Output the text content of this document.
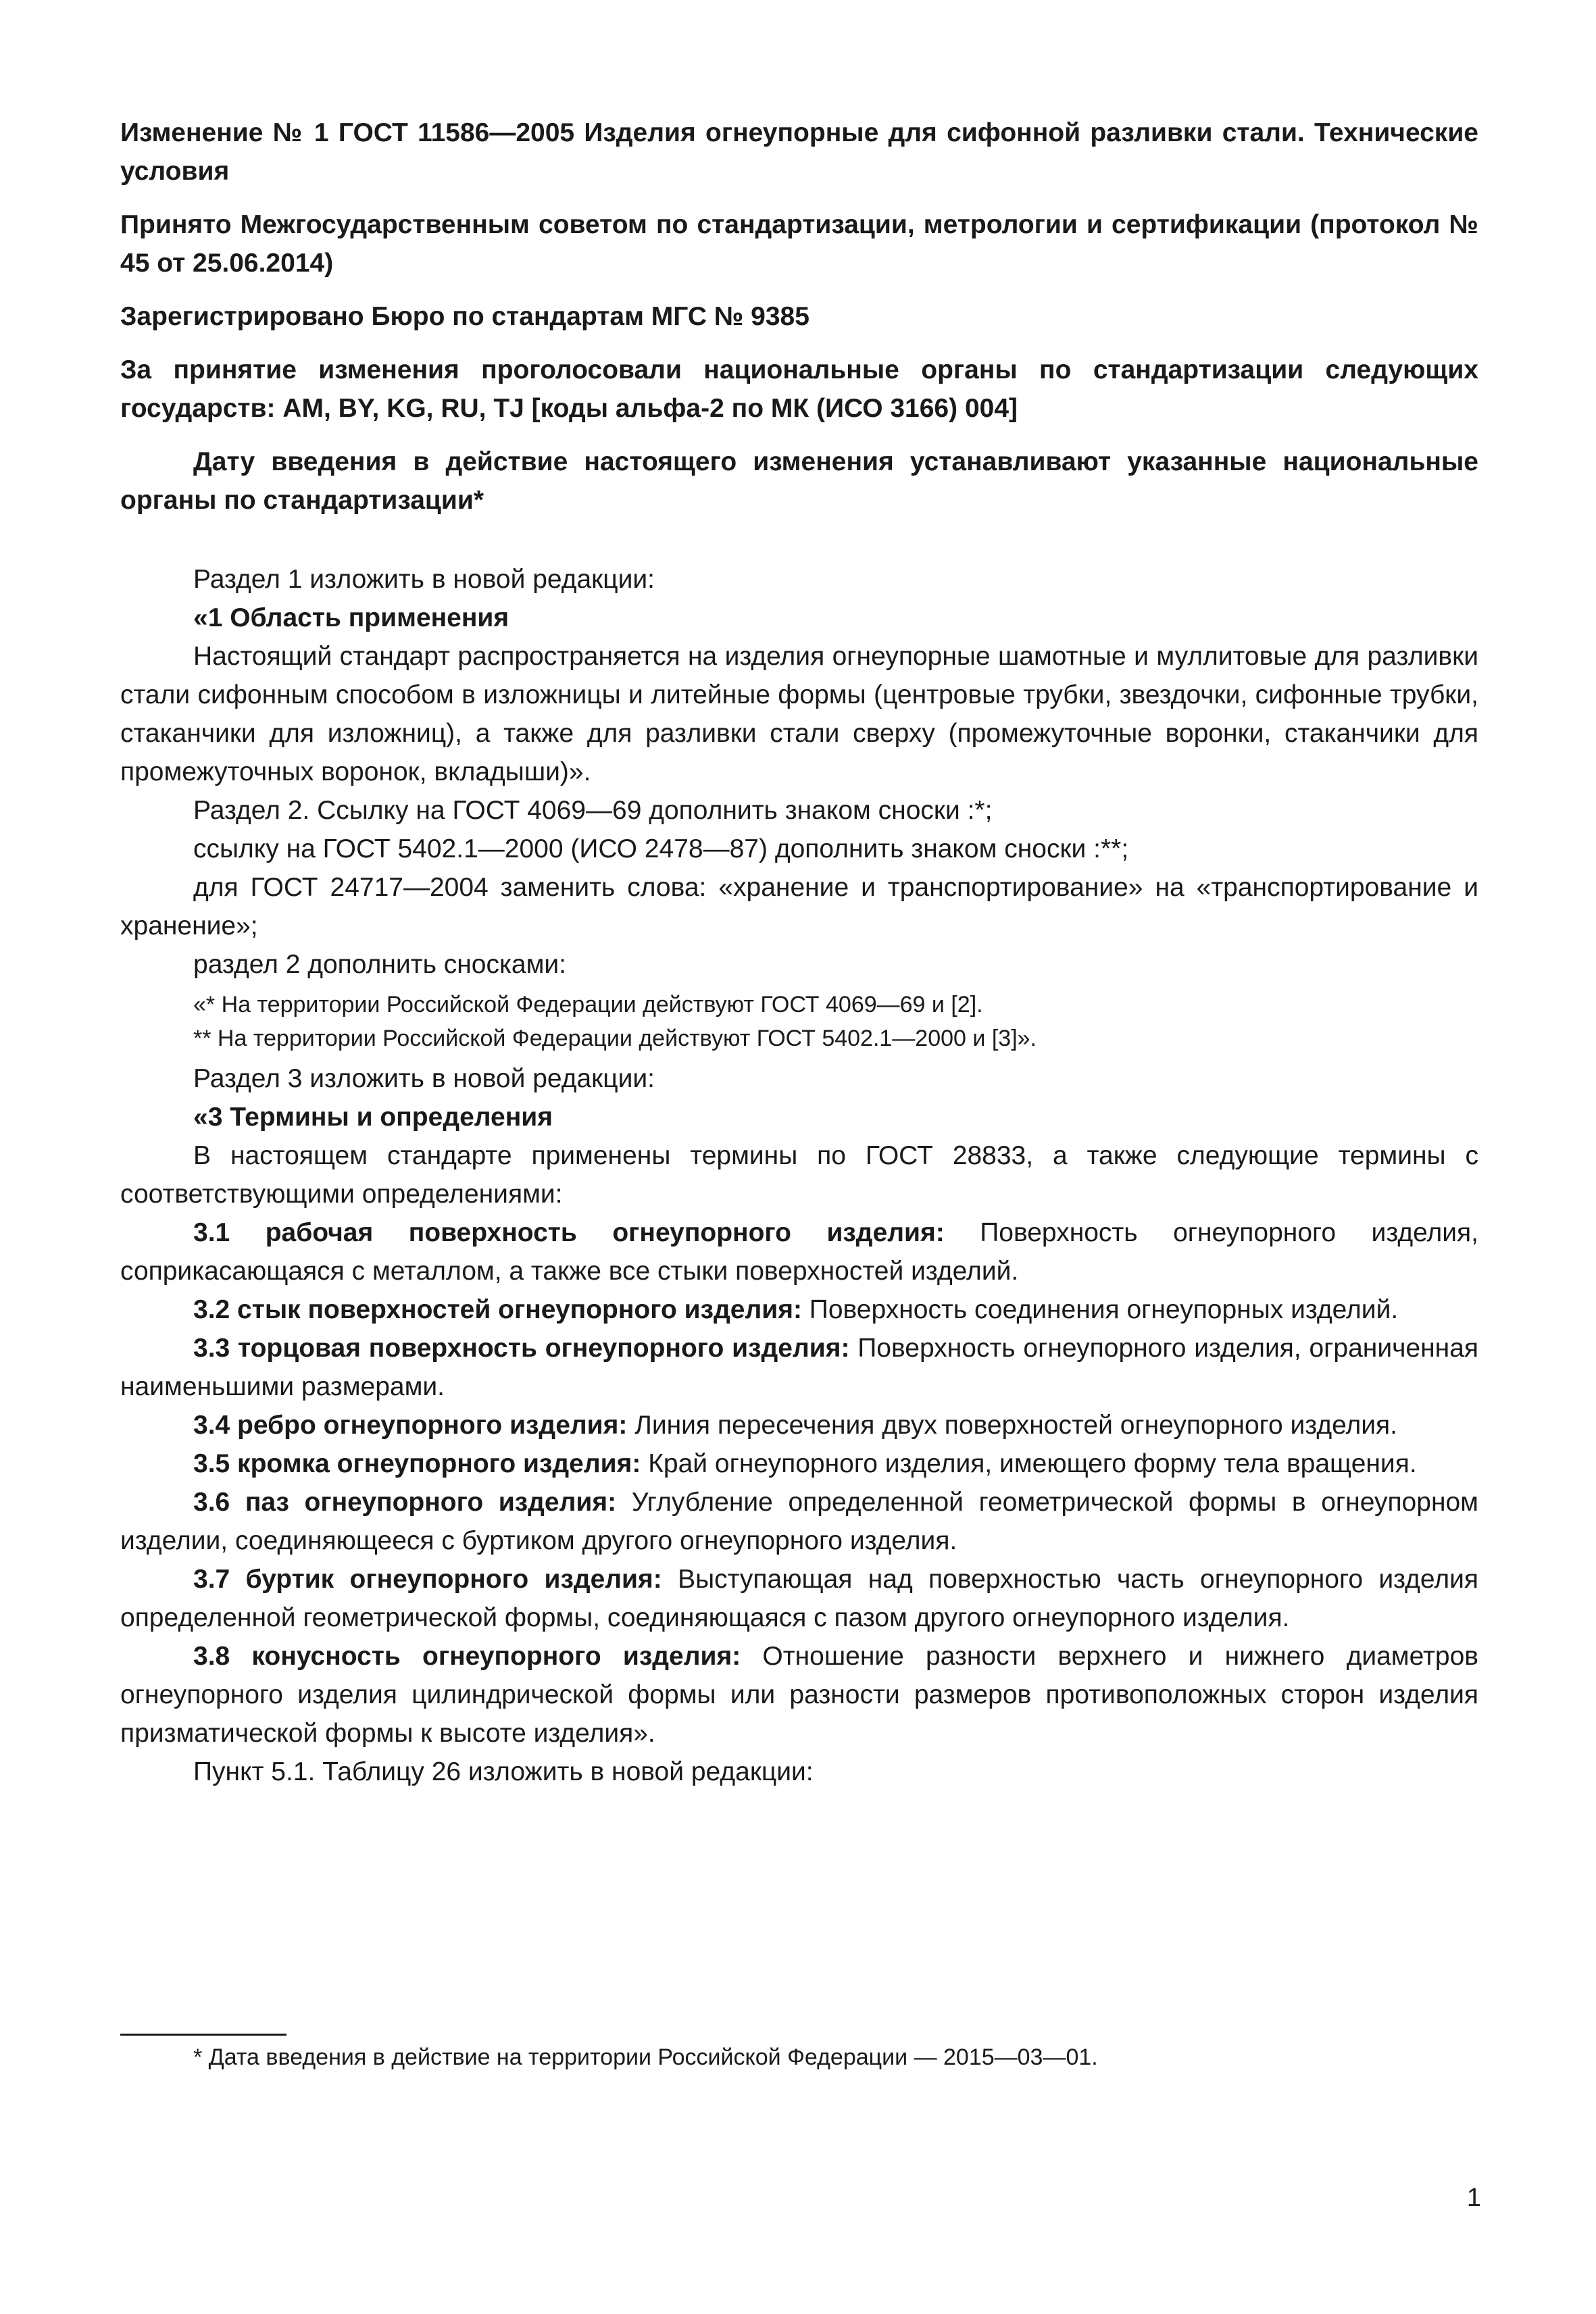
Изменение № 1 ГОСТ 11586—2005 Изделия огнеупорные для сифонной разливки стали. Технические условия

Принято Межгосударственным советом по стандартизации, метрологии и сертификации (протокол № 45 от 25.06.2014)

Зарегистрировано Бюро по стандартам МГС № 9385

За принятие изменения проголосовали национальные органы по стандартизации следующих государств: AM, BY, KG, RU, TJ [коды альфа-2 по МК (ИСО 3166) 004]

Дату введения в действие настоящего изменения устанавливают указанные национальные органы по стандартизации*

Раздел 1 изложить в новой редакции:

«1 Область применения

Настоящий стандарт распространяется на изделия огнеупорные шамотные и муллитовые для разливки стали сифонным способом в изложницы и литейные формы (центровые трубки, звездочки, сифонные трубки, стаканчики для изложниц), а также для разливки стали сверху (промежуточные воронки, стаканчики для промежуточных воронок, вкладыши)».

Раздел 2. Ссылку на ГОСТ 4069—69 дополнить знаком сноски :*;

ссылку на ГОСТ 5402.1—2000 (ИСО 2478—87) дополнить знаком сноски :**;

для ГОСТ 24717—2004 заменить слова: «хранение и транспортирование» на «транспортирование и хранение»;

раздел 2 дополнить сносками:

«* На территории Российской Федерации действуют ГОСТ 4069—69 и [2].

** На территории Российской Федерации действуют ГОСТ 5402.1—2000 и [3]».

Раздел 3 изложить в новой редакции:

«3 Термины и определения

В настоящем стандарте применены термины по ГОСТ 28833, а также следующие термины с соответствующими определениями:

3.1 рабочая поверхность огнеупорного изделия: Поверхность огнеупорного изделия, соприкасающаяся с металлом, а также все стыки поверхностей изделий.

3.2 стык поверхностей огнеупорного изделия: Поверхность соединения огнеупорных изделий.

3.3 торцовая поверхность огнеупорного изделия: Поверхность огнеупорного изделия, ограниченная наименьшими размерами.

3.4 ребро огнеупорного изделия: Линия пересечения двух поверхностей огнеупорного изделия.

3.5 кромка огнеупорного изделия: Край огнеупорного изделия, имеющего форму тела вращения.

3.6 паз огнеупорного изделия: Углубление определенной геометрической формы в огнеупорном изделии, соединяющееся с буртиком другого огнеупорного изделия.

3.7 буртик огнеупорного изделия: Выступающая над поверхностью часть огнеупорного изделия определенной геометрической формы, соединяющаяся с пазом другого огнеупорного изделия.

3.8 конусность огнеупорного изделия: Отношение разности верхнего и нижнего диаметров огнеупорного изделия цилиндрической формы или разности размеров противоположных сторон изделия призматической формы к высоте изделия».

Пункт 5.1. Таблицу 26 изложить в новой редакции:

* Дата введения в действие на территории Российской Федерации — 2015—03—01.

1
